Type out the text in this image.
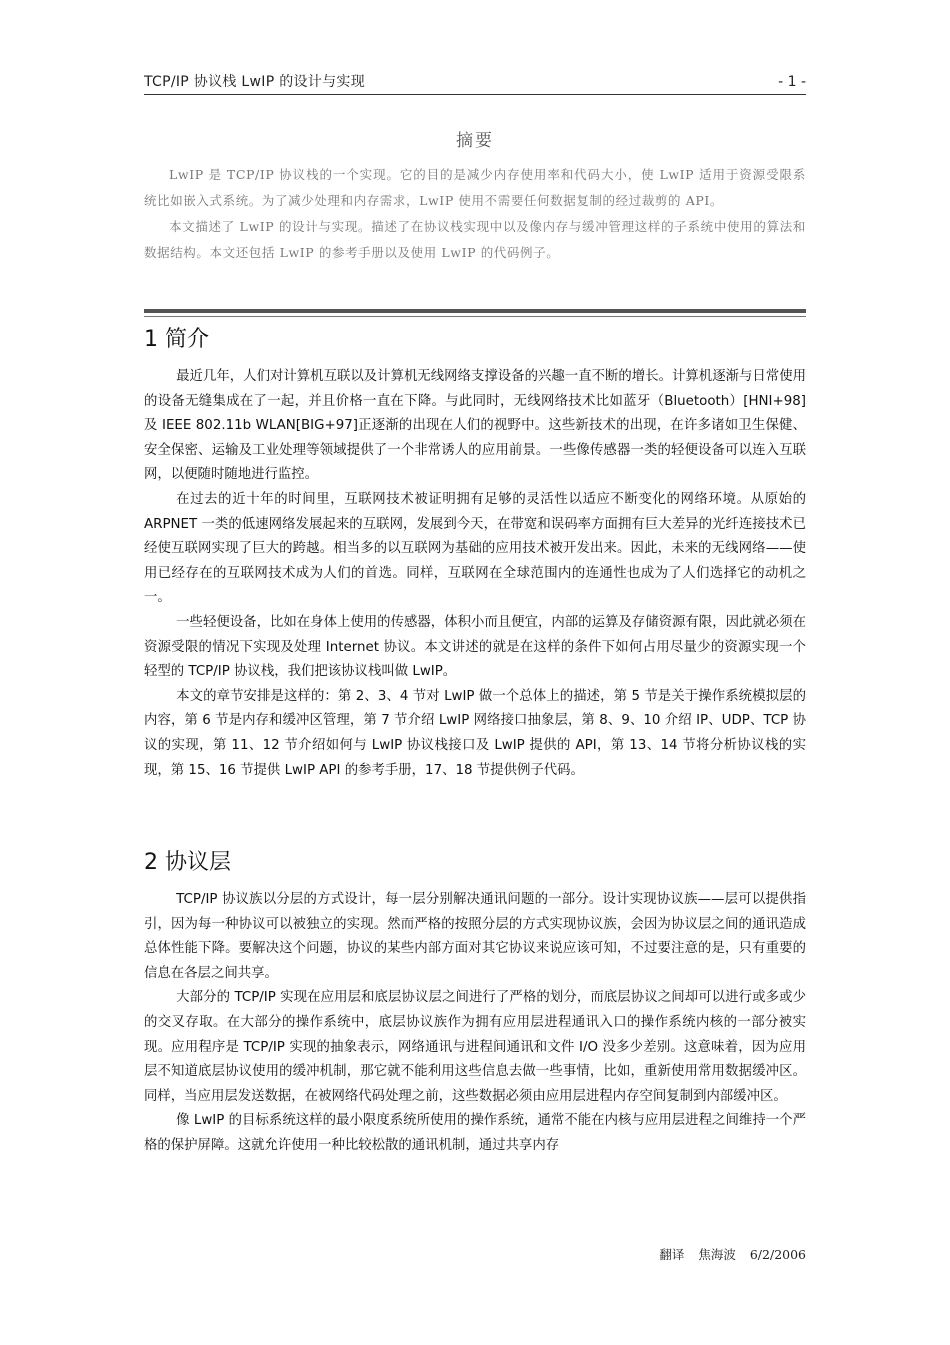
TCP/IP 协议栈 LwIP 的设计与实现	- 1 -
摘要

LwIP 是 TCP/IP 协议栈的一个实现。它的目的是减少内存使用率和代码大小，使 LwIP 适用于资源受限系统比如嵌入式系统。为了减少处理和内存需求，LwIP 使用不需要任何数据复制的经过裁剪的 API。

本文描述了 LwIP 的设计与实现。描述了在协议栈实现中以及像内存与缓冲管理这样的子系统中使用的算法和数据结构。本文还包括 LwIP 的参考手册以及使用 LwIP 的代码例子。

1 简介

最近几年，人们对计算机互联以及计算机无线网络支撑设备的兴趣一直不断的增长。计算机逐渐与日常使用的设备无缝集成在了一起，并且价格一直在下降。与此同时，无线网络技术比如蓝牙（Bluetooth）[HNI+98]及 IEEE 802.11b WLAN[BIG+97]正逐渐的出现在人们的视野中。这些新技术的出现，在许多诸如卫生保健、安全保密、运输及工业处理等领域提供了一个非常诱人的应用前景。一些像传感器一类的轻便设备可以连入互联网，以便随时随地进行监控。

在过去的近十年的时间里，互联网技术被证明拥有足够的灵活性以适应不断变化的网络环境。从原始的 ARPNET 一类的低速网络发展起来的互联网，发展到今天，在带宽和误码率方面拥有巨大差异的光纤连接技术已经使互联网实现了巨大的跨越。相当多的以互联网为基础的应用技术被开发出来。因此，未来的无线网络——使用已经存在的互联网技术成为人们的首选。同样，互联网在全球范围内的连通性也成为了人们选择它的动机之一。

一些轻便设备，比如在身体上使用的传感器，体积小而且便宜，内部的运算及存储资源有限，因此就必须在资源受限的情况下实现及处理 Internet 协议。本文讲述的就是在这样的条件下如何占用尽量少的资源实现一个轻型的 TCP/IP 协议栈，我们把该协议栈叫做 LwIP。

本文的章节安排是这样的：第 2、3、4 节对 LwIP 做一个总体上的描述，第 5 节是关于操作系统模拟层的内容，第 6 节是内存和缓冲区管理，第 7 节介绍 LwIP 网络接口抽象层，第 8、9、10 介绍 IP、UDP、TCP 协议的实现，第 11、12 节介绍如何与 LwIP 协议栈接口及 LwIP 提供的 API，第 13、14 节将分析协议栈的实现，第 15、16 节提供 LwIP API 的参考手册，17、18 节提供例子代码。

2 协议层

TCP/IP 协议族以分层的方式设计，每一层分别解决通讯问题的一部分。设计实现协议族——层可以提供指引，因为每一种协议可以被独立的实现。然而严格的按照分层的方式实现协议族，会因为协议层之间的通讯造成总体性能下降。要解决这个问题，协议的某些内部方面对其它协议来说应该可知，不过要注意的是，只有重要的信息在各层之间共享。

大部分的 TCP/IP 实现在应用层和底层协议层之间进行了严格的划分，而底层协议之间却可以进行或多或少的交叉存取。在大部分的操作系统中，底层协议族作为拥有应用层进程通讯入口的操作系统内核的一部分被实现。应用程序是 TCP/IP 实现的抽象表示，网络通讯与进程间通讯和文件 I/O 没多少差别。这意味着，因为应用层不知道底层协议使用的缓冲机制，那它就不能利用这些信息去做一些事情，比如，重新使用常用数据缓冲区。同样，当应用层发送数据，在被网络代码处理之前，这些数据必须由应用层进程内存空间复制到内部缓冲区。

像 LwIP 的目标系统这样的最小限度系统所使用的操作系统，通常不能在内核与应用层进程之间维持一个严格的保护屏障。这就允许使用一种比较松散的通讯机制，通过共享内存

翻译 焦海波 6/2/2006
